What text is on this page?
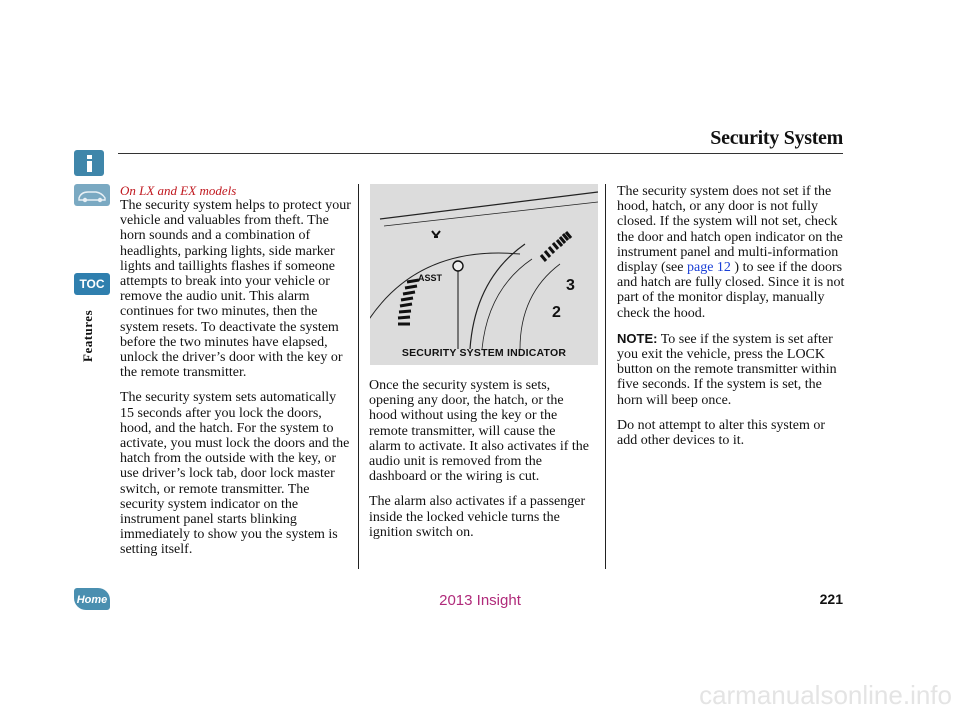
TOC
Features
Home
Security System

On LX and EX models

The security system helps to protect your vehicle and valuables from theft. The horn sounds and a combination of headlights, parking lights, side marker lights and taillights flashes if someone attempts to break into your vehicle or remove the audio unit. This alarm continues for two minutes, then the system resets. To deactivate the system before the two minutes have elapsed, unlock the driver’s door with the key or the remote transmitter.

The security system sets automatically 15 seconds after you lock the doors, hood, and the hatch. For the system to activate, you must lock the doors and the hatch from the outside with the key, or use driver’s lock tab, door lock master switch, or remote transmitter. The security system indicator on the instrument panel starts blinking immediately to show you the system is setting itself.

ASST	3
2
SECURITY SYSTEM INDICATOR

Once the security system is sets, opening any door, the hatch, or the hood without using the key or the remote transmitter, will cause the alarm to activate. It also activates if the audio unit is removed from the dashboard or the wiring is cut.

The alarm also activates if a passenger inside the locked vehicle turns the ignition switch on.

The security system does not set if the hood, hatch, or any door is not fully closed. If the system will not set, check the door and hatch open indicator on the instrument panel and multi-information display (see page 12 ) to see if the doors and hatch are fully closed. Since it is not part of the monitor display, manually check the hood.

NOTE: To see if the system is set after you exit the vehicle, press the LOCK button on the remote transmitter within five seconds. If the system is set, the horn will beep once.

Do not attempt to alter this system or add other devices to it.

2013 Insight	221
carmanualsonline.info
